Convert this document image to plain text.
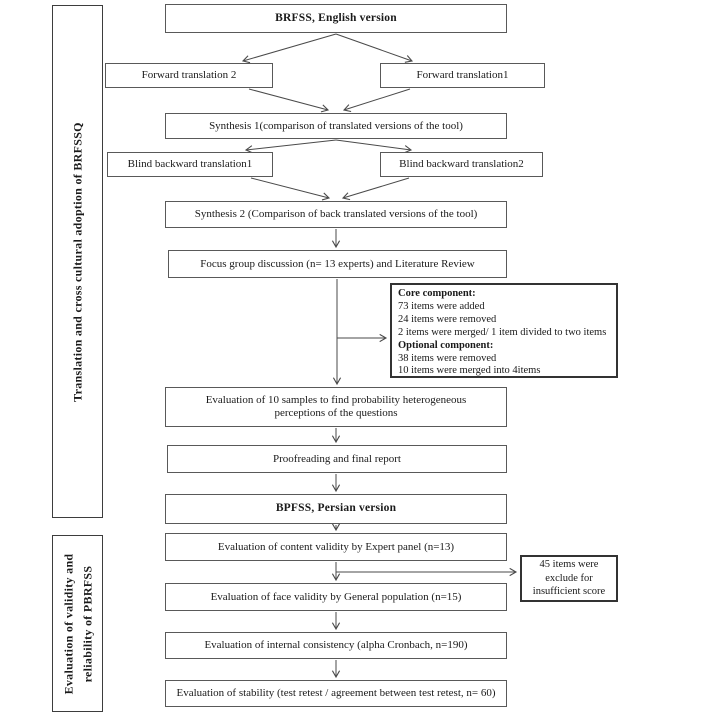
Translation and cross cultural adoption of BRFSSQ
Evaluation of validity and reliability of PBRFSS
BRFSS, English version
Forward translation 2	Forward translation1
Synthesis 1(comparison of translated versions of the tool)
Blind backward translation1	Blind backward translation2
Synthesis 2 (Comparison of back translated versions of the tool)
Focus group discussion (n= 13 experts) and Literature Review
Core component:
73 items were added
24 items were removed
2 items were merged/ 1 item divided to two items
Optional component:
38 items were removed
10 items were merged into 4items
Evaluation of 10 samples to find probability heterogeneous perceptions of the questions
Proofreading and final report
BPFSS, Persian version
Evaluation of content validity by Expert panel (n=13)
45 items were exclude for insufficient score
Evaluation of face validity by General population (n=15)
Evaluation of internal consistency (alpha Cronbach, n=190)
Evaluation of stability (test retest / agreement between test retest, n= 60)
